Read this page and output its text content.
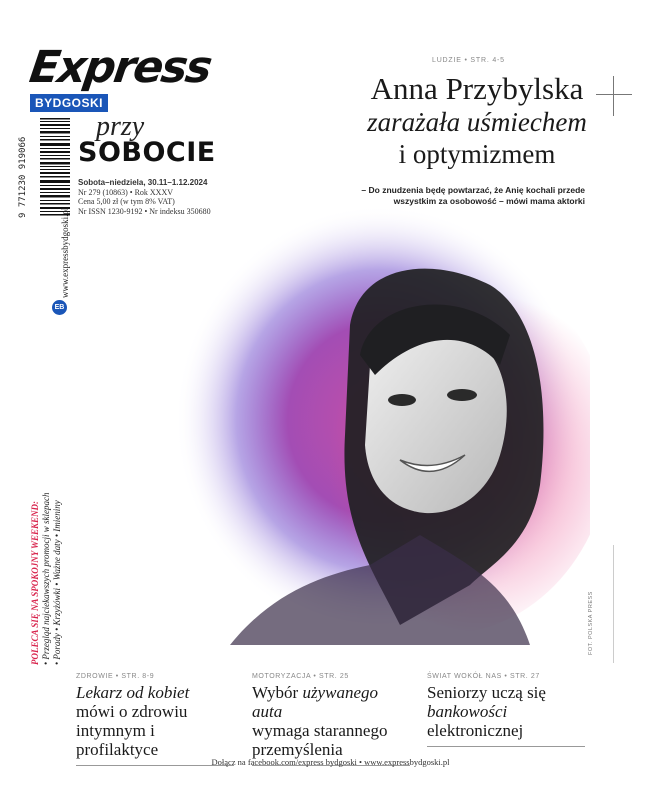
Express
BYDGOSKI
przy
SOBOCIE
Sobota–niedziela, 30.11–1.12.2024
Nr 279 (10863) • Rok XXXV
Cena 5,00 zł (w tym 8% VAT)
Nr ISSN 1230-9192 • Nr indeksu 350680
9 771230 919066
EB
www.expressbydgoski.pl
POLECA SIĘ NA SPOKOJNY WEEKEND: • Przegląd najciekawszych promocji w sklepach • Porady • Krzyżówki • Ważne daty • Imieniny
LUDZIE • STR. 4-5
Anna Przybylska
zarażała uśmiechem
i optymizmem
– Do znudzenia będę powtarzać, że Anię kochali przede wszystkim za osobowość – mówi mama aktorki
FOT. POLSKA PRESS
ZDROWIE • STR. 8-9
Lekarz od kobiet
mówi o zdrowiu
intymnym i profilaktyce
MOTORYZACJA • STR. 25
Wybór używanego auta
wymaga starannego
przemyślenia
ŚWIAT WOKÓŁ NAS • STR. 27
Seniorzy uczą się
bankowości
elektronicznej
Dołącz na facebook.com/express bydgoski • www.expressbydgoski.pl
